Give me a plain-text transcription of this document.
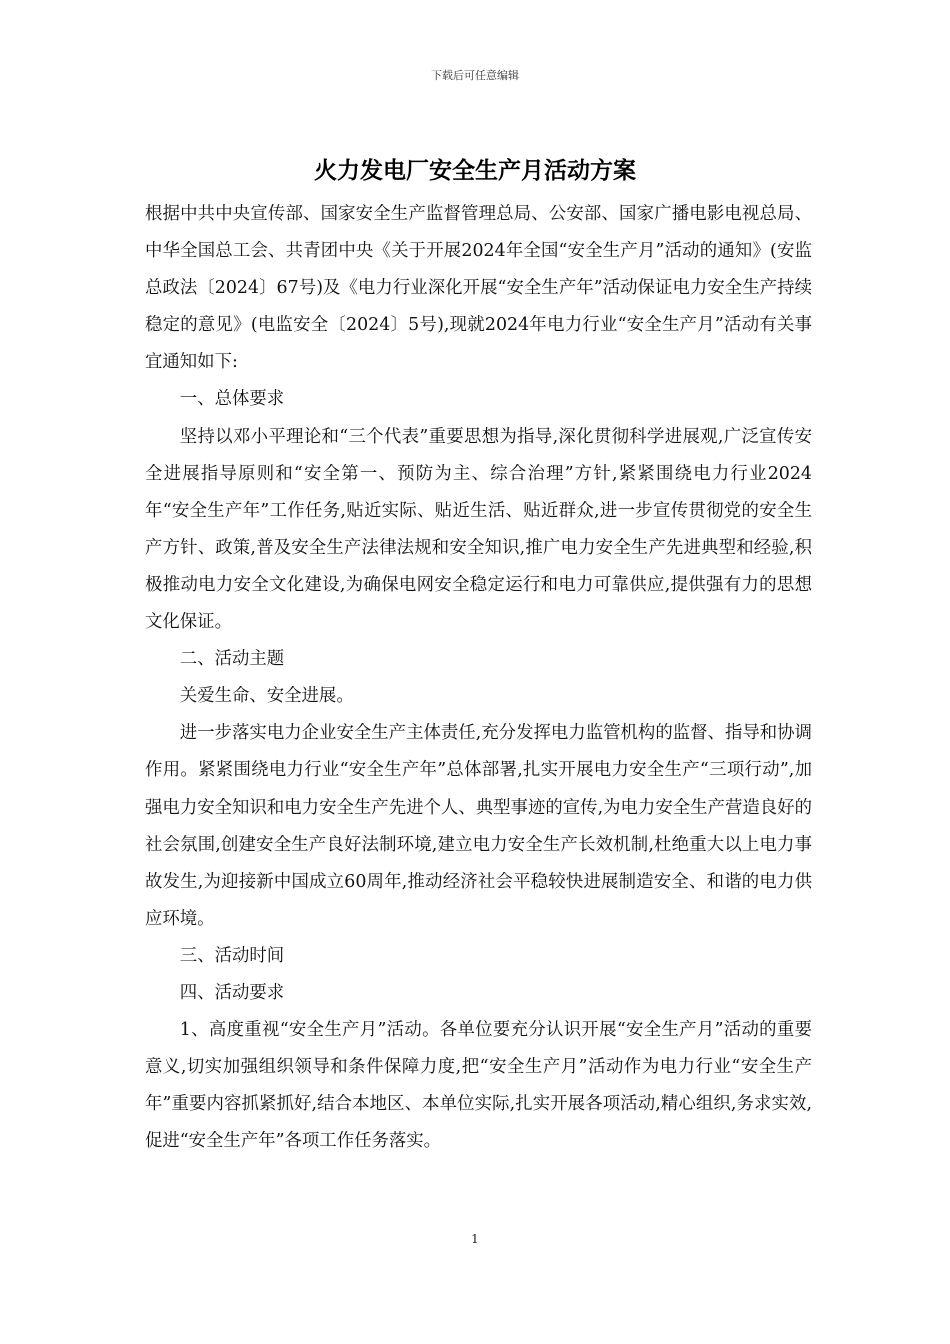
下载后可任意编辑
火力发电厂安全生产月活动方案

根据中共中央宣传部、国家安全生产监督管理总局、公安部、国家广播电影电视总局、中华全国总工会、共青团中央《关于开展2024年全国“安全生产月”活动的通知》(安监总政法〔2024〕67号)及《电力行业深化开展“安全生产年”活动保证电力安全生产持续稳定的意见》(电监安全〔2024〕5号),现就2024年电力行业“安全生产月”活动有关事宜通知如下:

一、总体要求

坚持以邓小平理论和“三个代表”重要思想为指导,深化贯彻科学进展观,广泛宣传安全进展指导原则和“安全第一、预防为主、综合治理”方针,紧紧围绕电力行业2024年“安全生产年”工作任务,贴近实际、贴近生活、贴近群众,进一步宣传贯彻党的安全生产方针、政策,普及安全生产法律法规和安全知识,推广电力安全生产先进典型和经验,积极推动电力安全文化建设,为确保电网安全稳定运行和电力可靠供应,提供强有力的思想文化保证。

二、活动主题

关爱生命、安全进展。

进一步落实电力企业安全生产主体责任,充分发挥电力监管机构的监督、指导和协调作用。紧紧围绕电力行业“安全生产年”总体部署,扎实开展电力安全生产“三项行动”,加强电力安全知识和电力安全生产先进个人、典型事迹的宣传,为电力安全生产营造良好的社会氛围,创建安全生产良好法制环境,建立电力安全生产长效机制,杜绝重大以上电力事故发生,为迎接新中国成立60周年,推动经济社会平稳较快进展制造安全、和谐的电力供应环境。

三、活动时间

四、活动要求

1、高度重视“安全生产月”活动。各单位要充分认识开展“安全生产月”活动的重要意义,切实加强组织领导和条件保障力度,把“安全生产月”活动作为电力行业“安全生产年”重要内容抓紧抓好,结合本地区、本单位实际,扎实开展各项活动,精心组织,务求实效,促进“安全生产年”各项工作任务落实。

1
